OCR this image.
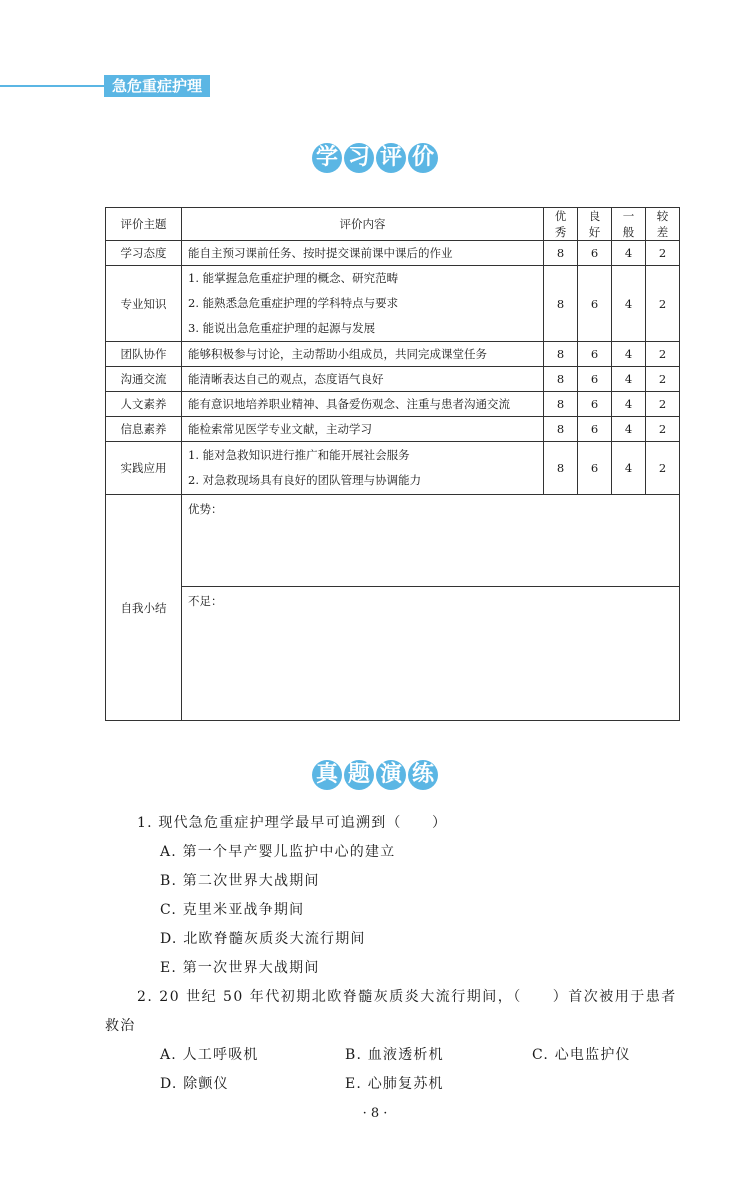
急危重症护理
学 习 评 价
评价主题	评价内容	优秀	良好	一般	较差
学习态度	能自主预习课前任务、按时提交课前课中课后的作业	8	6	4	2
专业知识	1. 能掌握急危重症护理的概念、研究范畴
2. 能熟悉急危重症护理的学科特点与要求
3. 能说出急危重症护理的起源与发展	8	6	4	2
团队协作	能够积极参与讨论，主动帮助小组成员，共同完成课堂任务	8	6	4	2
沟通交流	能清晰表达自己的观点，态度语气良好	8	6	4	2
人文素养	能有意识地培养职业精神、具备爱伤观念、注重与患者沟通交流	8	6	4	2
信息素养	能检索常见医学专业文献，主动学习	8	6	4	2
实践应用	1. 能对急救知识进行推广和能开展社会服务
2. 对急救现场具有良好的团队管理与协调能力	8	6	4	2
自我小结	优势：
不足：				
真 题 演 练
1. 现代急危重症护理学最早可追溯到（　　）
A. 第一个早产婴儿监护中心的建立
B. 第二次世界大战期间
C. 克里米亚战争期间
D. 北欧脊髓灰质炎大流行期间
E. 第一次世界大战期间
2. 20 世纪 50 年代初期北欧脊髓灰质炎大流行期间，（　　）首次被用于患者
救治
A. 人工呼吸机	B. 血液透析机	C. 心电监护仪
D. 除颤仪	E. 心肺复苏机
· 8 ·
